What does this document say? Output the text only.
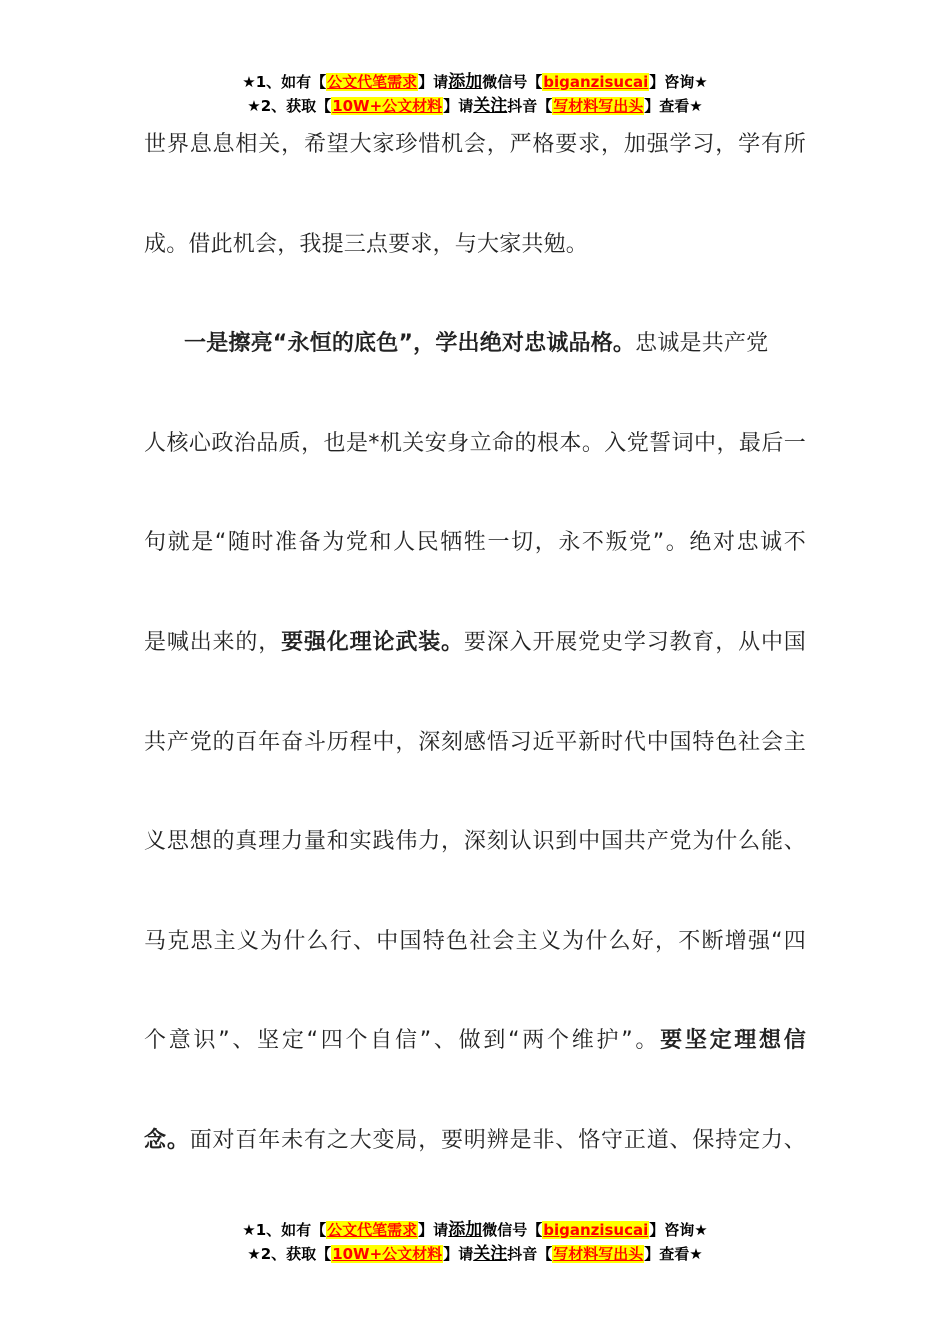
★1、如有【公文代笔需求】请添加微信号【biganzisucai】咨询★
★2、获取【10W+公文材料】请关注抖音【写材料写出头】查看★
世界息息相关，希望大家珍惜机会，严格要求，加强学习，学有所
成。借此机会，我提三点要求，与大家共勉。
一是擦亮“永恒的底色”，学出绝对忠诚品格。忠诚是共产党
人核心政治品质，也是*机关安身立命的根本。入党誓词中，最后一
句就是“随时准备为党和人民牺牲一切，永不叛党”。绝对忠诚不
是喊出来的，要强化理论武装。要深入开展党史学习教育，从中国
共产党的百年奋斗历程中，深刻感悟习近平新时代中国特色社会主
义思想的真理力量和实践伟力，深刻认识到中国共产党为什么能、
马克思主义为什么行、中国特色社会主义为什么好，不断增强“四
个意识”、坚定“四个自信”、做到“两个维护”。要坚定理想信
念。面对百年未有之大变局，要明辨是非、恪守正道、保持定力、
★1、如有【公文代笔需求】请添加微信号【biganzisucai】咨询★
★2、获取【10W+公文材料】请关注抖音【写材料写出头】查看★
